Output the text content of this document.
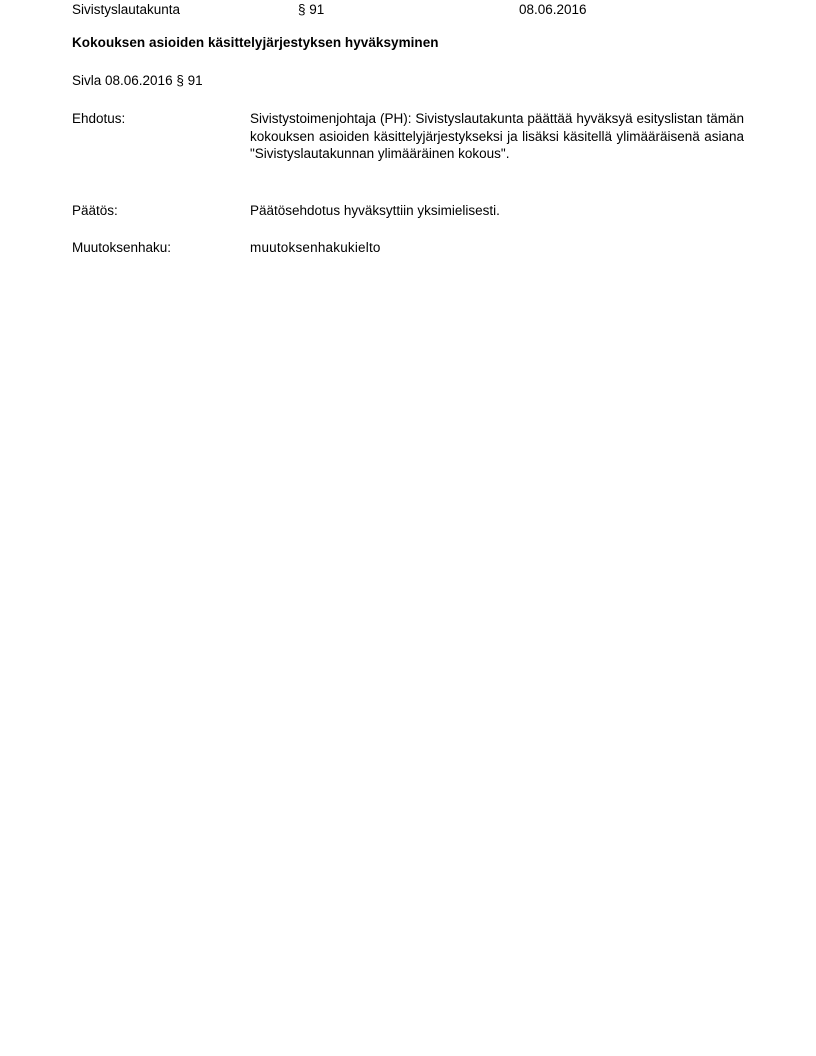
Sivistyslautakunta	§ 91	08.06.2016
Kokouksen asioiden käsittelyjärjestyksen hyväksyminen
Sivla 08.06.2016 § 91
Ehdotus:	Sivistystoimenjohtaja (PH): Sivistyslautakunta päättää hyväksyä esityslistan tämän kokouksen asioiden käsittelyjärjestykseksi ja lisäksi käsitellä ylimääräisenä asiana "Sivistyslautakunnan ylimääräinen kokous".
Päätös:	Päätösehdotus hyväksyttiin yksimielisesti.
Muutoksenhaku:	muutoksenhakukielto
